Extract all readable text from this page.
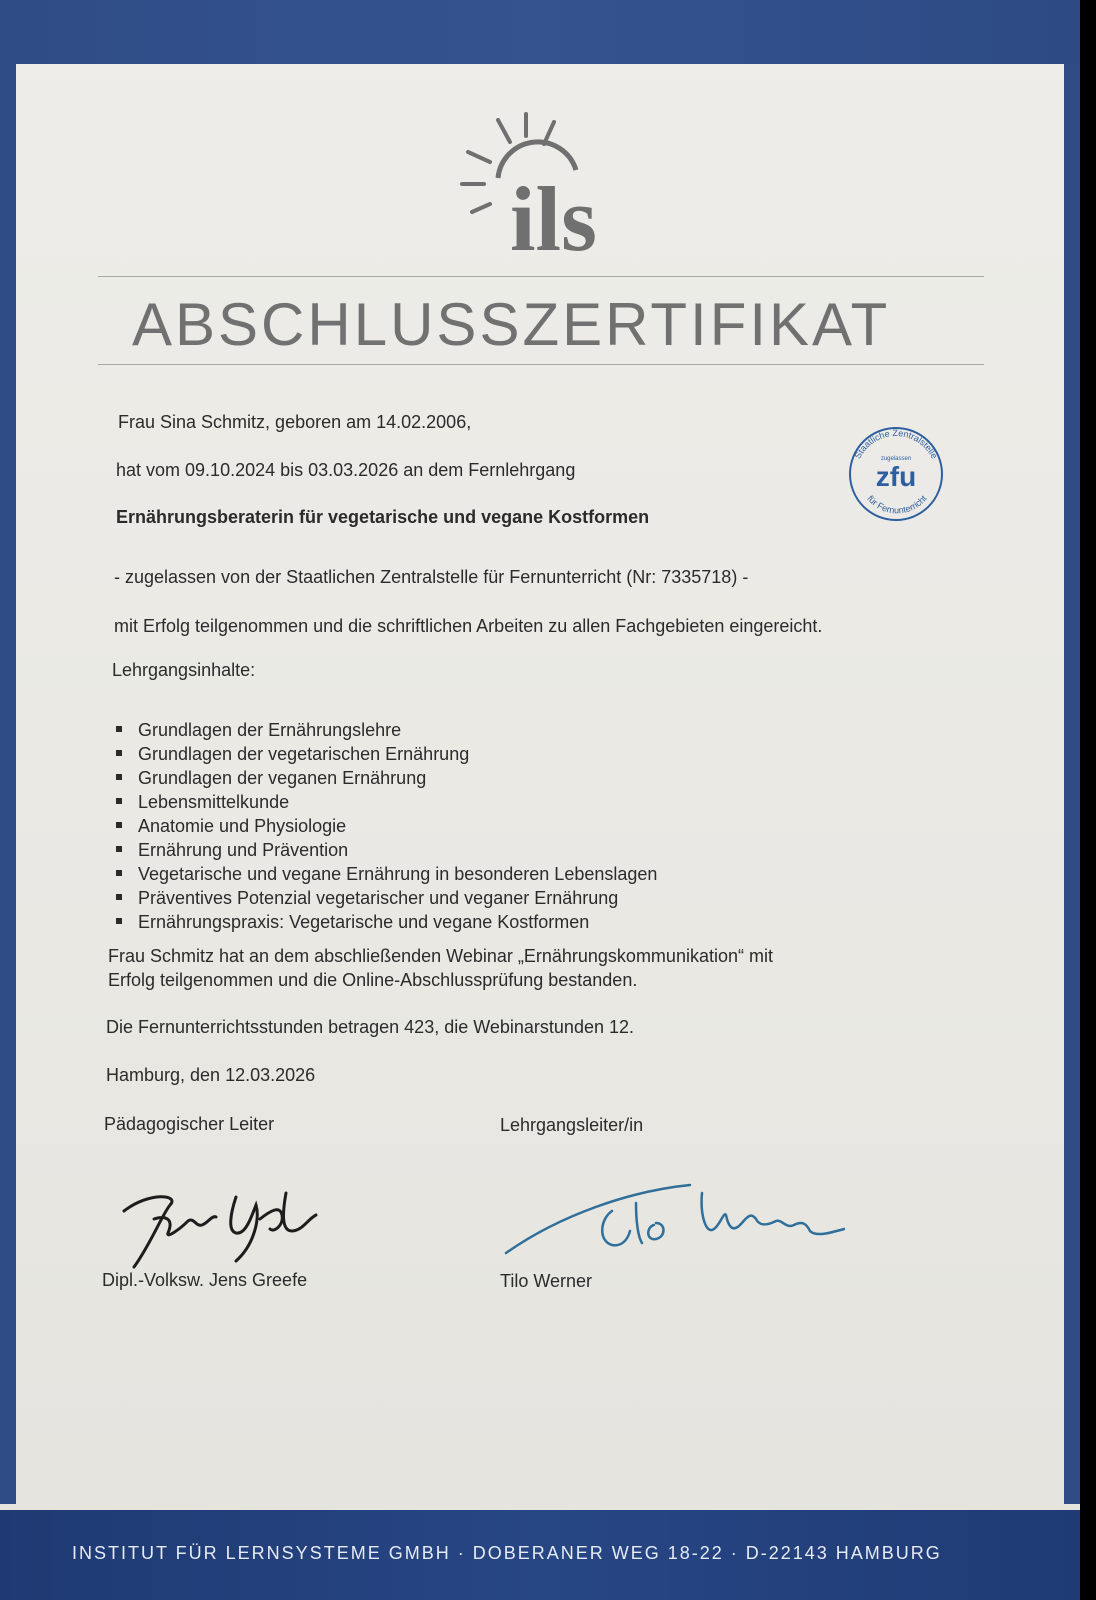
ils
ABSCHLUSSZERTIFIKAT
Frau Sina Schmitz, geboren am 14.02.2006,
hat vom 09.10.2024 bis 03.03.2026 an dem Fernlehrgang
Ernährungsberaterin für vegetarische und vegane Kostformen
- zugelassen von der Staatlichen Zentralstelle für Fernunterricht (Nr: 7335718) -
mit Erfolg teilgenommen und die schriftlichen Arbeiten zu allen Fachgebieten eingereicht.
Lehrgangsinhalte:
Grundlagen der Ernährungslehre
Grundlagen der vegetarischen Ernährung
Grundlagen der veganen Ernährung
Lebensmittelkunde
Anatomie und Physiologie
Ernährung und Prävention
Vegetarische und vegane Ernährung in besonderen Lebenslagen
Präventives Potenzial vegetarischer und veganer Ernährung
Ernährungspraxis: Vegetarische und vegane Kostformen
Frau Schmitz hat an dem abschließenden Webinar „Ernährungskommunikation“ mit
Erfolg teilgenommen und die Online-Abschlussprüfung bestanden.
Die Fernunterrichtsstunden betragen 423, die Webinarstunden 12.
Hamburg, den 12.03.2026
Pädagogischer Leiter	Lehrgangsleiter/in
Dipl.-Volksw. Jens Greefe	Tilo Werner
Staatliche Zentralstelle
zugelassen
zfu
für Fernunterricht
INSTITUT FÜR LERNSYSTEME GMBH · DOBERANER WEG 18-22 · D-22143 HAMBURG
